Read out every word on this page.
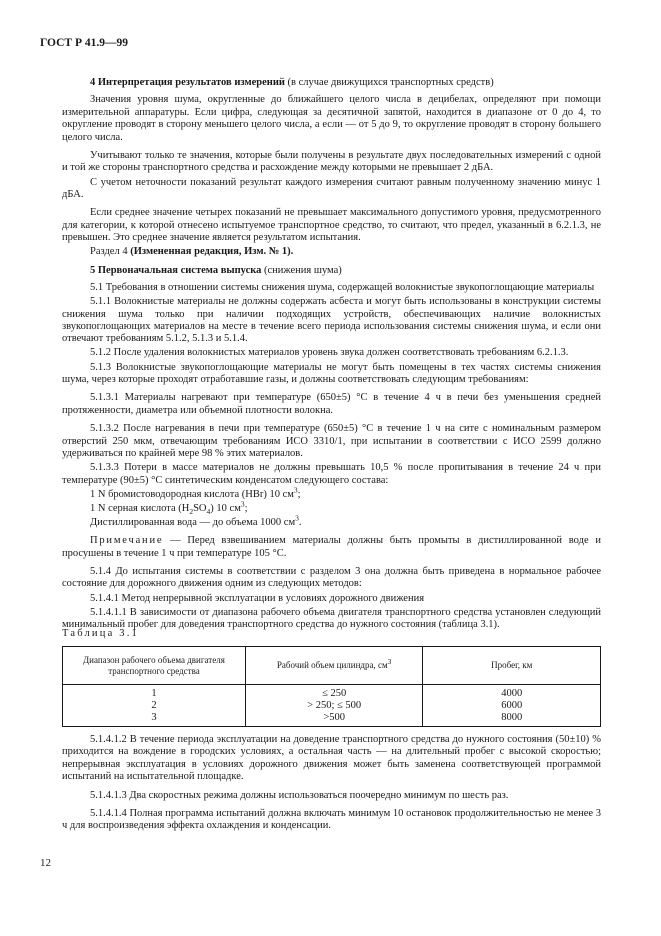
ГОСТ Р 41.9—99
4 Интерпретация результатов измерений (в случае движущихся транспортных средств)
Значения уровня шума, округленные до ближайшего целого числа в децибелах, определяют при помощи измерительной аппаратуры. Если цифра, следующая за десятичной запятой, находится в диапазоне от 0 до 4, то округление проводят в сторону меньшего целого числа, а если — от 5 до 9, то округление проводят в сторону большего целого числа.
Учитывают только те значения, которые были получены в результате двух последовательных измерений с одной и той же стороны транспортного средства и расхождение между которыми не превышает 2 дБА.
С учетом неточности показаний результат каждого измерения считают равным полученному значению минус 1 дБА.
Если среднее значение четырех показаний не превышает максимального допустимого уровня, предусмотренного для категории, к которой отнесено испытуемое транспортное средство, то считают, что предел, указанный в 6.2.1.3, не превышен. Это среднее значение является результатом испытания.
Раздел 4 (Измененная редакция, Изм. № 1).
5 Первоначальная система выпуска (снижения шума)
5.1 Требования в отношении системы снижения шума, содержащей волокнистые звукопоглощающие материалы
5.1.1 Волокнистые материалы не должны содержать асбеста и могут быть использованы в конструкции системы снижения шума только при наличии подходящих устройств, обеспечивающих наличие волокнистых звукопоглощающих материалов на месте в течение всего периода использования системы снижения шума, и если они отвечают требованиям 5.1.2, 5.1.3 и 5.1.4.
5.1.2 После удаления волокнистых материалов уровень звука должен соответствовать требованиям 6.2.1.3.
5.1.3 Волокнистые звукопоглощающие материалы не могут быть помещены в тех частях системы снижения шума, через которые проходят отработавшие газы, и должны соответствовать следующим требованиям:
5.1.3.1 Материалы нагревают при температуре (650±5) °С в течение 4 ч в печи без уменьшения средней протяженности, диаметра или объемной плотности волокна.
5.1.3.2 После нагревания в печи при температуре (650±5) °С в течение 1 ч на сите с номинальным размером отверстий 250 мкм, отвечающим требованиям ИСО 3310/1, при испытании в соответствии с ИСО 2599 должно удерживаться по крайней мере 98 % этих материалов.
5.1.3.3 Потери в массе материалов не должны превышать 10,5 % после пропитывания в течение 24 ч при температуре (90±5) °С синтетическим конденсатом следующего состава:
1 N бромистоводородная кислота (HBr) 10 $см^3$;
1 N серная кислота $(H_2SO_4)$ 10 $см^3$;
Дистиллированная вода — до объема 1000 $см^3$.
Примечание — Перед взвешиванием материалы должны быть промыты в дистиллированной воде и просушены в течение 1 ч при температуре 105 °С.
5.1.4 До испытания системы в соответствии с разделом 3 она должна быть приведена в нормальное рабочее состояние для дорожного движения одним из следующих методов:
5.1.4.1 Метод непрерывной эксплуатации в условиях дорожного движения
5.1.4.1.1 В зависимости от диапазона рабочего объема двигателя транспортного средства установлен следующий минимальный пробег для доведения транспортного средства до нужного состояния (таблица 3.1).
Таблица 3.1
Диапазон рабочего объема двигателя транспортного средства	Рабочий объем цилиндра, $см^3$	Пробег, км
1	≤ 250	4000
2	> 250; ≤ 500	6000
3	>500	8000
5.1.4.1.2 В течение периода эксплуатации на доведение транспортного средства до нужного состояния (50±10) % приходится на вождение в городских условиях, а остальная часть — на длительный пробег с высокой скоростью; непрерывная эксплуатация в условиях дорожного движения может быть заменена соответствующей программой испытаний на испытательной площадке.
5.1.4.1.3 Два скоростных режима должны использоваться поочередно минимум по шесть раз.
5.1.4.1.4 Полная программа испытаний должна включать минимум 10 остановок продолжительностью не менее 3 ч для воспроизведения эффекта охлаждения и конденсации.
12
